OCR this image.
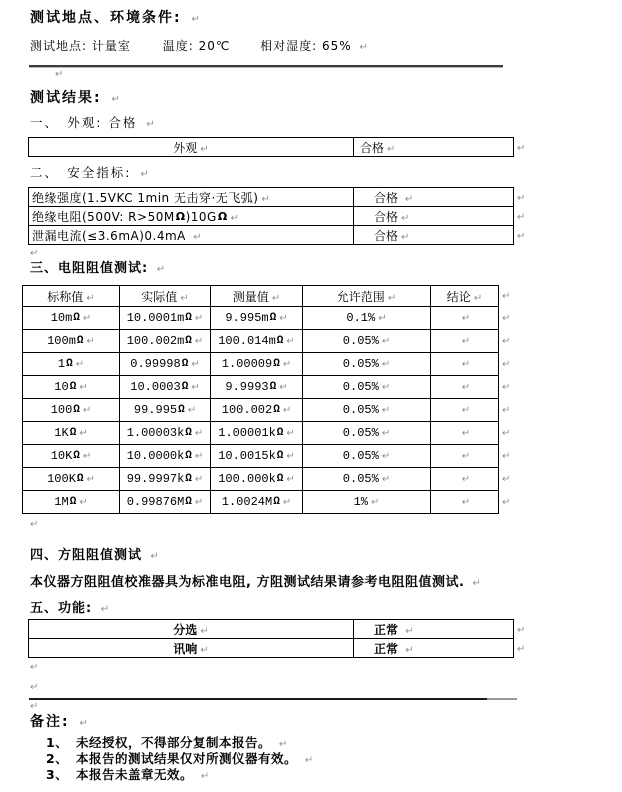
测试地点、环境条件: ↵
测试地点: 计量室	温度: 20℃ 相对湿度: 65% ↵
↵
测试结果: ↵
一、　外观: 合格 ↵
外观 ↵	合格 ↵	↵
二、　安全指标: ↵
绝缘强度(1.5VKC 1min 无击穿·无飞弧) ↵	合格 ↵
绝缘电阻(500V: R>50MΩ)10GΩ ↵	合格 ↵
泄漏电流(≤3.6mA)0.4mA ↵	合格 ↵
↵
↵
↵
↵
三、电阻阻值测试: ↵
标称值 ↵	实际值 ↵	测量值 ↵	允许范围 ↵	结论 ↵
10mΩ ↵	10.0001mΩ ↵	9.995mΩ ↵	0.1% ↵	↵
100mΩ ↵	100.002mΩ ↵	100.014mΩ ↵	0.05% ↵	↵
1Ω ↵	0.99998Ω ↵	1.00009Ω ↵	0.05% ↵	↵
10Ω ↵	10.0003Ω ↵	9.9993Ω ↵	0.05% ↵	↵
100Ω ↵	99.995Ω ↵	100.002Ω ↵	0.05% ↵	↵
1KΩ ↵	1.00003kΩ ↵	1.00001kΩ ↵	0.05% ↵	↵
10KΩ ↵	10.0000kΩ ↵	10.0015kΩ ↵	0.05% ↵	↵
100KΩ ↵	99.9997kΩ ↵	100.000kΩ ↵	0.05% ↵	↵
1MΩ ↵	0.99876MΩ ↵	1.0024MΩ ↵	1% ↵	↵
↵
↵
↵
↵
↵
↵
↵
↵
↵
↵
↵
四、方阻阻值测试 ↵
本仪器方阻阻值校准器具为标准电阻, 方阻测试结果请参考电阻阻值测试. ↵
五、功能: ↵
分选 ↵	正常 ↵
讯响 ↵	正常 ↵
↵
↵
↵
↵
↵
备注: ↵
1、 未经授权，不得部分复制本报告。 ↵
2、 本报告的测试结果仅对所测仪器有效。 ↵
3、 本报告未盖章无效。 ↵
